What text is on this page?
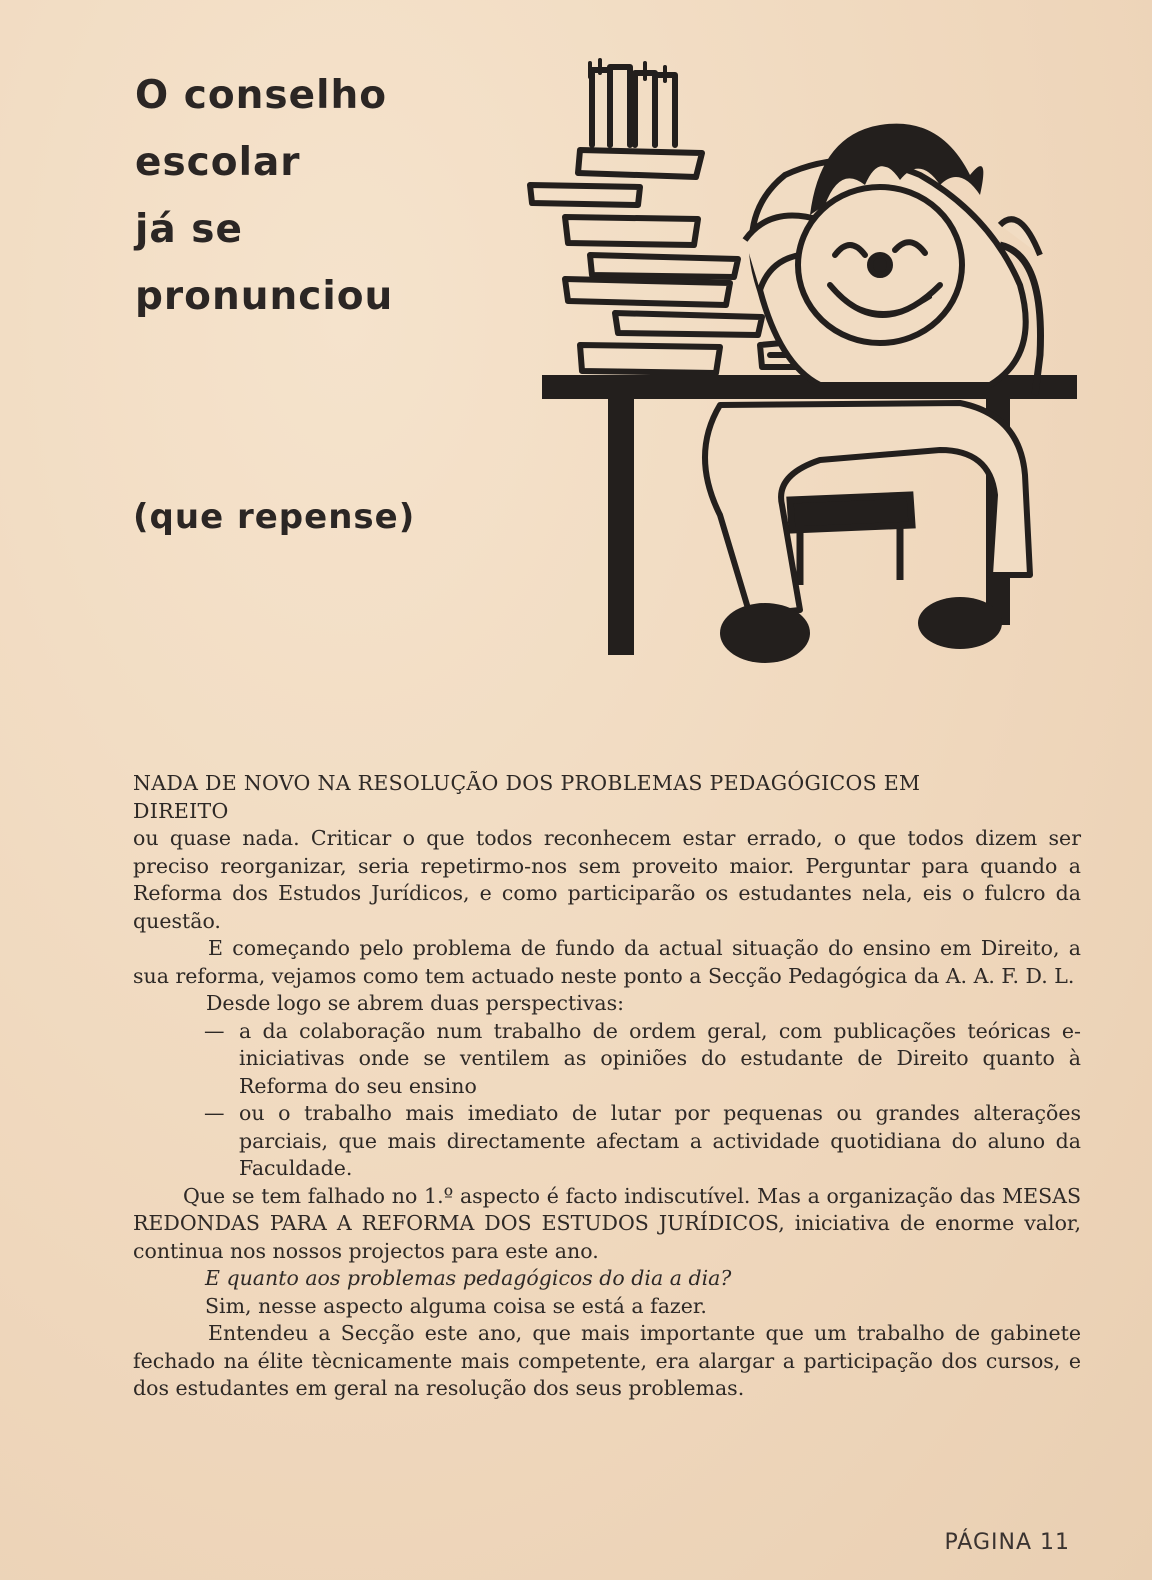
O conselho
escolar
já se
pronunciou
(que repense)

NADA DE NOVO NA RESOLUÇÃO DOS PROBLEMAS PEDAGÓGICOS EM

DIREITO

ou quase nada. Criticar o que todos reconhecem estar errado, o que todos dizem ser preciso reorganizar, seria repetirmo-nos sem proveito maior. Perguntar para quando a Reforma dos Estudos Jurídicos, e como participarão os estudantes nela, eis o fulcro da questão.

E começando pelo problema de fundo da actual situação do ensino em Direito, a sua reforma, vejamos como tem actuado neste ponto a Secção Pedagógica da A. A. F. D. L.

Desde logo se abrem duas perspectivas:

— a da colaboração num trabalho de ordem geral, com publicações teóricas e-iniciativas onde se ventilem as opiniões do estudante de Direito quanto à Reforma do seu ensino
— ou o trabalho mais imediato de lutar por pequenas ou grandes alterações parciais, que mais directamente afectam a actividade quotidiana do aluno da Faculdade.

Que se tem falhado no 1.º aspecto é facto indiscutível. Mas a organização das MESAS REDONDAS PARA A REFORMA DOS ESTUDOS JURÍDICOS, iniciativa de enorme valor, continua nos nossos projectos para este ano.

E quanto aos problemas pedagógicos do dia a dia?

Sim, nesse aspecto alguma coisa se está a fazer.

Entendeu a Secção este ano, que mais importante que um trabalho de gabinete fechado na élite tècnicamente mais competente, era alargar a participação dos cursos, e dos estudantes em geral na resolução dos seus problemas.

PÁGINA 11
